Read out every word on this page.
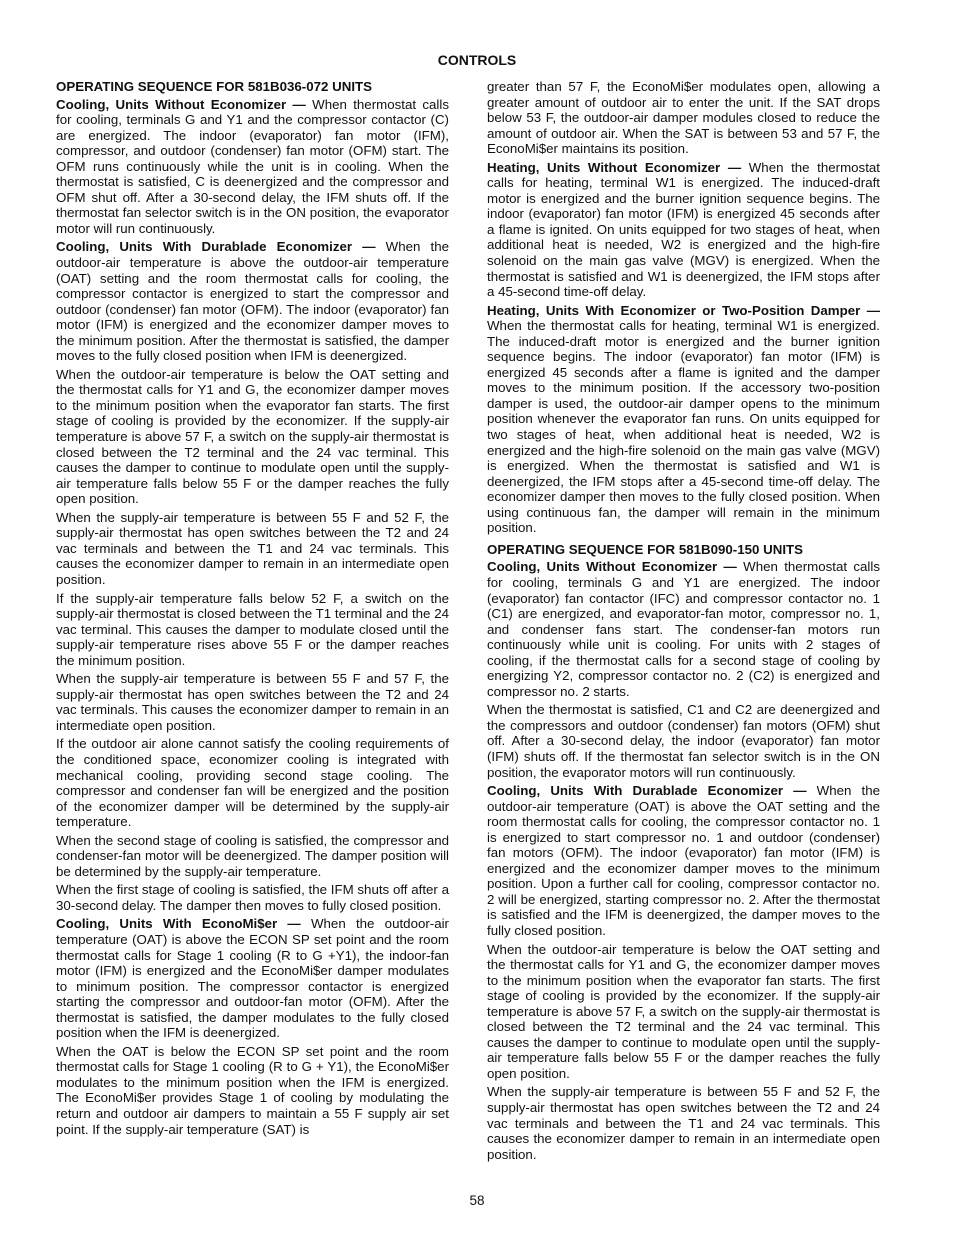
CONTROLS
OPERATING SEQUENCE FOR 581B036-072 UNITS
Cooling, Units Without Economizer — When thermostat calls for cooling, terminals G and Y1 and the compressor contactor (C) are energized. The indoor (evaporator) fan motor (IFM), compressor, and outdoor (condenser) fan motor (OFM) start. The OFM runs continuously while the unit is in cooling. When the thermostat is satisfied, C is deenergized and the compressor and OFM shut off. After a 30-second delay, the IFM shuts off. If the thermostat fan selector switch is in the ON position, the evaporator motor will run continuously.
Cooling, Units With Durablade Economizer — When the outdoor-air temperature is above the outdoor-air temperature (OAT) setting and the room thermostat calls for cooling, the compressor contactor is energized to start the compressor and outdoor (condenser) fan motor (OFM). The indoor (evaporator) fan motor (IFM) is energized and the economizer damper moves to the minimum position. After the thermostat is satisfied, the damper moves to the fully closed position when IFM is deenergized.
When the outdoor-air temperature is below the OAT setting and the thermostat calls for Y1 and G, the economizer damper moves to the minimum position when the evaporator fan starts. The first stage of cooling is provided by the economizer. If the supply-air temperature is above 57 F, a switch on the supply-air thermostat is closed between the T2 terminal and the 24 vac terminal. This causes the damper to continue to modulate open until the supply-air temperature falls below 55 F or the damper reaches the fully open position.
When the supply-air temperature is between 55 F and 52 F, the supply-air thermostat has open switches between the T2 and 24 vac terminals and between the T1 and 24 vac terminals. This causes the economizer damper to remain in an intermediate open position.
If the supply-air temperature falls below 52 F, a switch on the supply-air thermostat is closed between the T1 terminal and the 24 vac terminal. This causes the damper to modulate closed until the supply-air temperature rises above 55 F or the damper reaches the minimum position.
When the supply-air temperature is between 55 F and 57 F, the supply-air thermostat has open switches between the T2 and 24 vac terminals. This causes the economizer damper to remain in an intermediate open position.
If the outdoor air alone cannot satisfy the cooling requirements of the conditioned space, economizer cooling is integrated with mechanical cooling, providing second stage cooling. The compressor and condenser fan will be energized and the position of the economizer damper will be determined by the supply-air temperature.
When the second stage of cooling is satisfied, the compressor and condenser-fan motor will be deenergized. The damper position will be determined by the supply-air temperature.
When the first stage of cooling is satisfied, the IFM shuts off after a 30-second delay. The damper then moves to fully closed position.
Cooling, Units With EconoMi$er — When the outdoor-air temperature (OAT) is above the ECON SP set point and the room thermostat calls for Stage 1 cooling (R to G +Y1), the indoor-fan motor (IFM) is energized and the EconoMi$er damper modulates to minimum position. The compressor contactor is energized starting the compressor and outdoor-fan motor (OFM). After the thermostat is satisfied, the damper modulates to the fully closed position when the IFM is deenergized.
When the OAT is below the ECON SP set point and the room thermostat calls for Stage 1 cooling (R to G + Y1), the EconoMi$er modulates to the minimum position when the IFM is energized. The EconoMi$er provides Stage 1 of cooling by modulating the return and outdoor air dampers to maintain a 55 F supply air set point. If the supply-air temperature (SAT) is
greater than 57 F, the EconoMi$er modulates open, allowing a greater amount of outdoor air to enter the unit. If the SAT drops below 53 F, the outdoor-air damper modules closed to reduce the amount of outdoor air. When the SAT is between 53 and 57 F, the EconoMi$er maintains its position.
Heating, Units Without Economizer — When the thermostat calls for heating, terminal W1 is energized. The induced-draft motor is energized and the burner ignition sequence begins. The indoor (evaporator) fan motor (IFM) is energized 45 seconds after a flame is ignited. On units equipped for two stages of heat, when additional heat is needed, W2 is energized and the high-fire solenoid on the main gas valve (MGV) is energized. When the thermostat is satisfied and W1 is deenergized, the IFM stops after a 45-second time-off delay.
Heating, Units With Economizer or Two-Position Damper — When the thermostat calls for heating, terminal W1 is energized. The induced-draft motor is energized and the burner ignition sequence begins. The indoor (evaporator) fan motor (IFM) is energized 45 seconds after a flame is ignited and the damper moves to the minimum position. If the accessory two-position damper is used, the outdoor-air damper opens to the minimum position whenever the evaporator fan runs. On units equipped for two stages of heat, when additional heat is needed, W2 is energized and the high-fire solenoid on the main gas valve (MGV) is energized. When the thermostat is satisfied and W1 is deenergized, the IFM stops after a 45-second time-off delay. The economizer damper then moves to the fully closed position. When using continuous fan, the damper will remain in the minimum position.
OPERATING SEQUENCE FOR 581B090-150 UNITS
Cooling, Units Without Economizer — When thermostat calls for cooling, terminals G and Y1 are energized. The indoor (evaporator) fan contactor (IFC) and compressor contactor no. 1 (C1) are energized, and evaporator-fan motor, compressor no. 1, and condenser fans start. The condenser-fan motors run continuously while unit is cooling. For units with 2 stages of cooling, if the thermostat calls for a second stage of cooling by energizing Y2, compressor contactor no. 2 (C2) is energized and compressor no. 2 starts.
When the thermostat is satisfied, C1 and C2 are deenergized and the compressors and outdoor (condenser) fan motors (OFM) shut off. After a 30-second delay, the indoor (evaporator) fan motor (IFM) shuts off. If the thermostat fan selector switch is in the ON position, the evaporator motors will run continuously.
Cooling, Units With Durablade Economizer — When the outdoor-air temperature (OAT) is above the OAT setting and the room thermostat calls for cooling, the compressor contactor no. 1 is energized to start compressor no. 1 and outdoor (condenser) fan motors (OFM). The indoor (evaporator) fan motor (IFM) is energized and the economizer damper moves to the minimum position. Upon a further call for cooling, compressor contactor no. 2 will be energized, starting compressor no. 2. After the thermostat is satisfied and the IFM is deenergized, the damper moves to the fully closed position.
When the outdoor-air temperature is below the OAT setting and the thermostat calls for Y1 and G, the economizer damper moves to the minimum position when the evaporator fan starts. The first stage of cooling is provided by the economizer. If the supply-air temperature is above 57 F, a switch on the supply-air thermostat is closed between the T2 terminal and the 24 vac terminal. This causes the damper to continue to modulate open until the supply-air temperature falls below 55 F or the damper reaches the fully open position.
When the supply-air temperature is between 55 F and 52 F, the supply-air thermostat has open switches between the T2 and 24 vac terminals and between the T1 and 24 vac terminals. This causes the economizer damper to remain in an intermediate open position.
58
